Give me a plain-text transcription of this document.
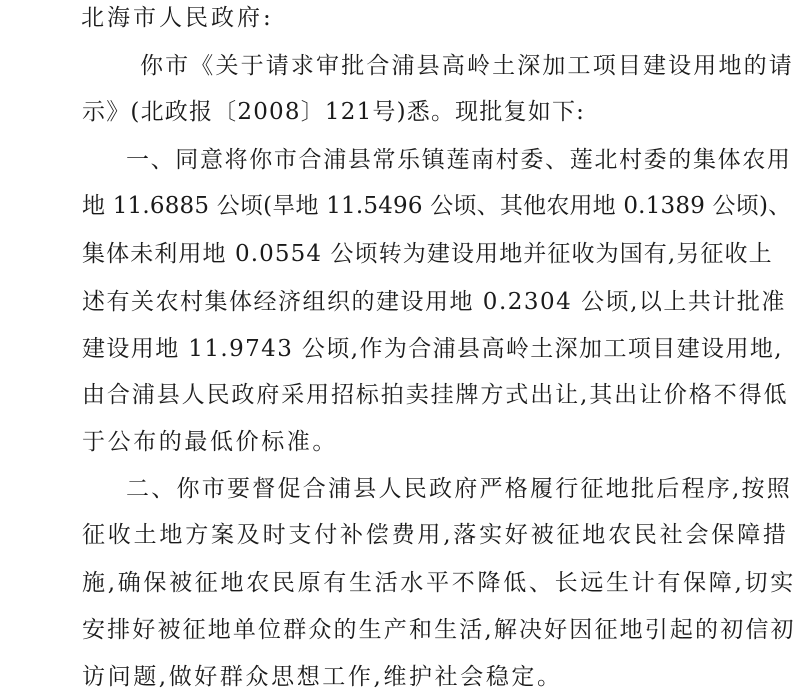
北海市人民政府:
你市《关于请求审批合浦县高岭土深加工项目建设用地的请
示》(北政报〔2008〕121号)悉。现批复如下:
一、同意将你市合浦县常乐镇莲南村委、莲北村委的集体农用
地 11.6885 公顷(旱地 11.5496 公顷、其他农用地 0.1389 公顷)、
集体未利用地 0.0554 公顷转为建设用地并征收为国有,另征收上
述有关农村集体经济组织的建设用地 0.2304 公顷,以上共计批准
建设用地 11.9743 公顷,作为合浦县高岭土深加工项目建设用地,
由合浦县人民政府采用招标拍卖挂牌方式出让,其出让价格不得低
于公布的最低价标准。
二、你市要督促合浦县人民政府严格履行征地批后程序,按照
征收土地方案及时支付补偿费用,落实好被征地农民社会保障措
施,确保被征地农民原有生活水平不降低、长远生计有保障,切实
安排好被征地单位群众的生产和生活,解决好因征地引起的初信初
访问题,做好群众思想工作,维护社会稳定。
